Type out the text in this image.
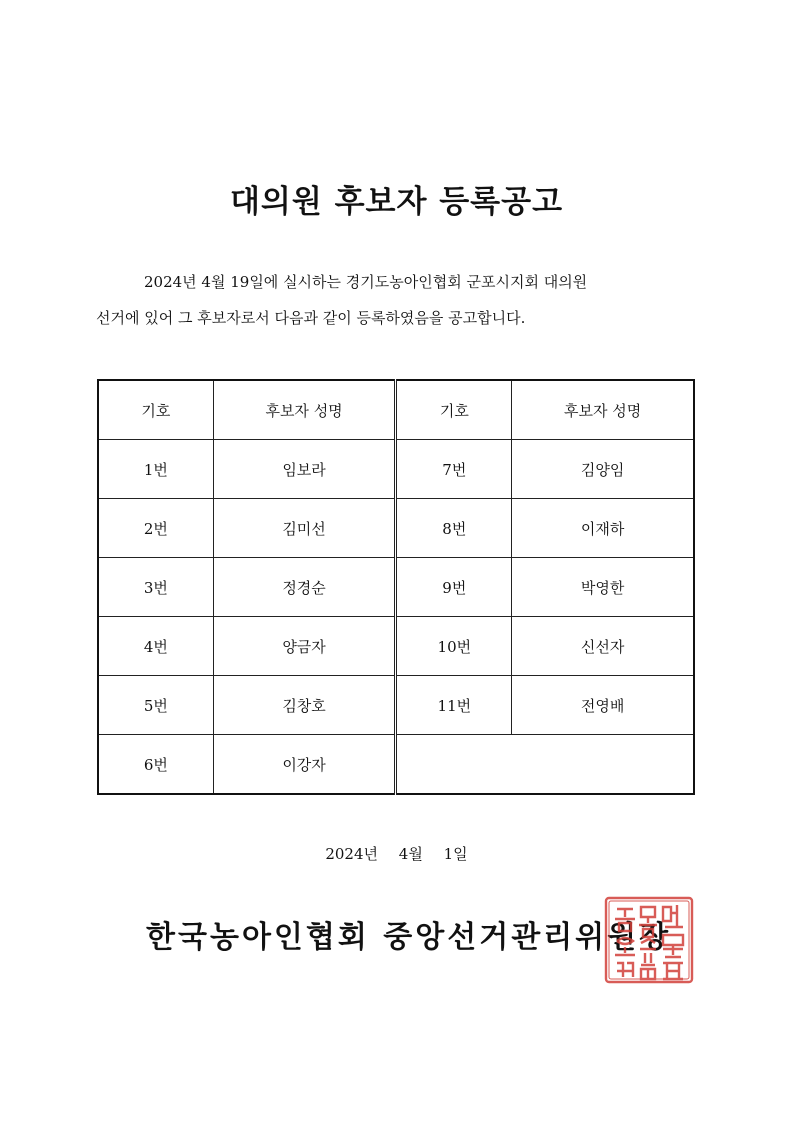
대의원 후보자 등록공고
2024년 4월 19일에 실시하는 경기도농아인협회 군포시지회 대의원
선거에 있어 그 후보자로서 다음과 같이 등록하였음을 공고합니다.
기호	후보자 성명	기호	후보자 성명
1번	임보라	7번	김양임
2번	김미선	8번	이재하
3번	정경순	9번	박영한
4번	양금자	10번	신선자
5번	김창호	11번	전영배
6번	이강자		
2024년 4월 1일
한국농아인협회 중앙선거관리위원장
